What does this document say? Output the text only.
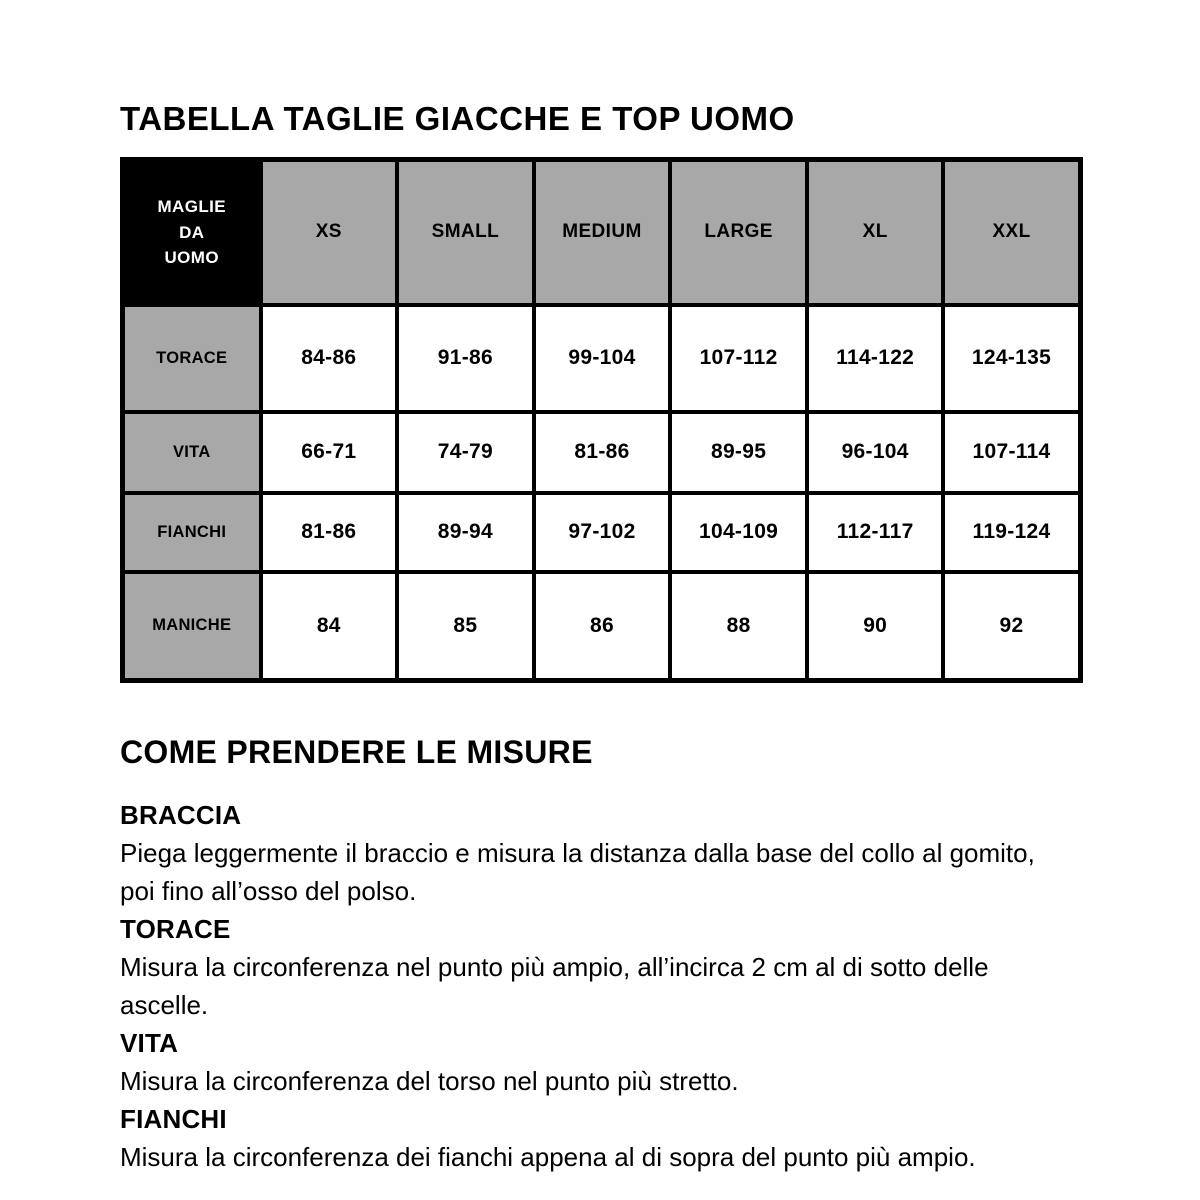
TABELLA TAGLIE GIACCHE E TOP UOMO
MAGLIE
DA
UOMO	XS	SMALL	MEDIUM	LARGE	XL	XXL
TORACE	84-86	91-86	99-104	107-112	114-122	124-135
VITA	66-71	74-79	81-86	89-95	96-104	107-114
FIANCHI	81-86	89-94	97-102	104-109	112-117	119-124
MANICHE	84	85	86	88	90	92
COME PRENDERE LE MISURE
BRACCIA
Piega leggermente il braccio e misura la distanza dalla base del collo al gomito,
poi fino all’osso del polso.
TORACE
Misura la circonferenza nel punto più ampio, all’incirca 2 cm al di sotto delle
ascelle.
VITA
Misura la circonferenza del torso nel punto più stretto.
FIANCHI
Misura la circonferenza dei fianchi appena al di sopra del punto più ampio.
